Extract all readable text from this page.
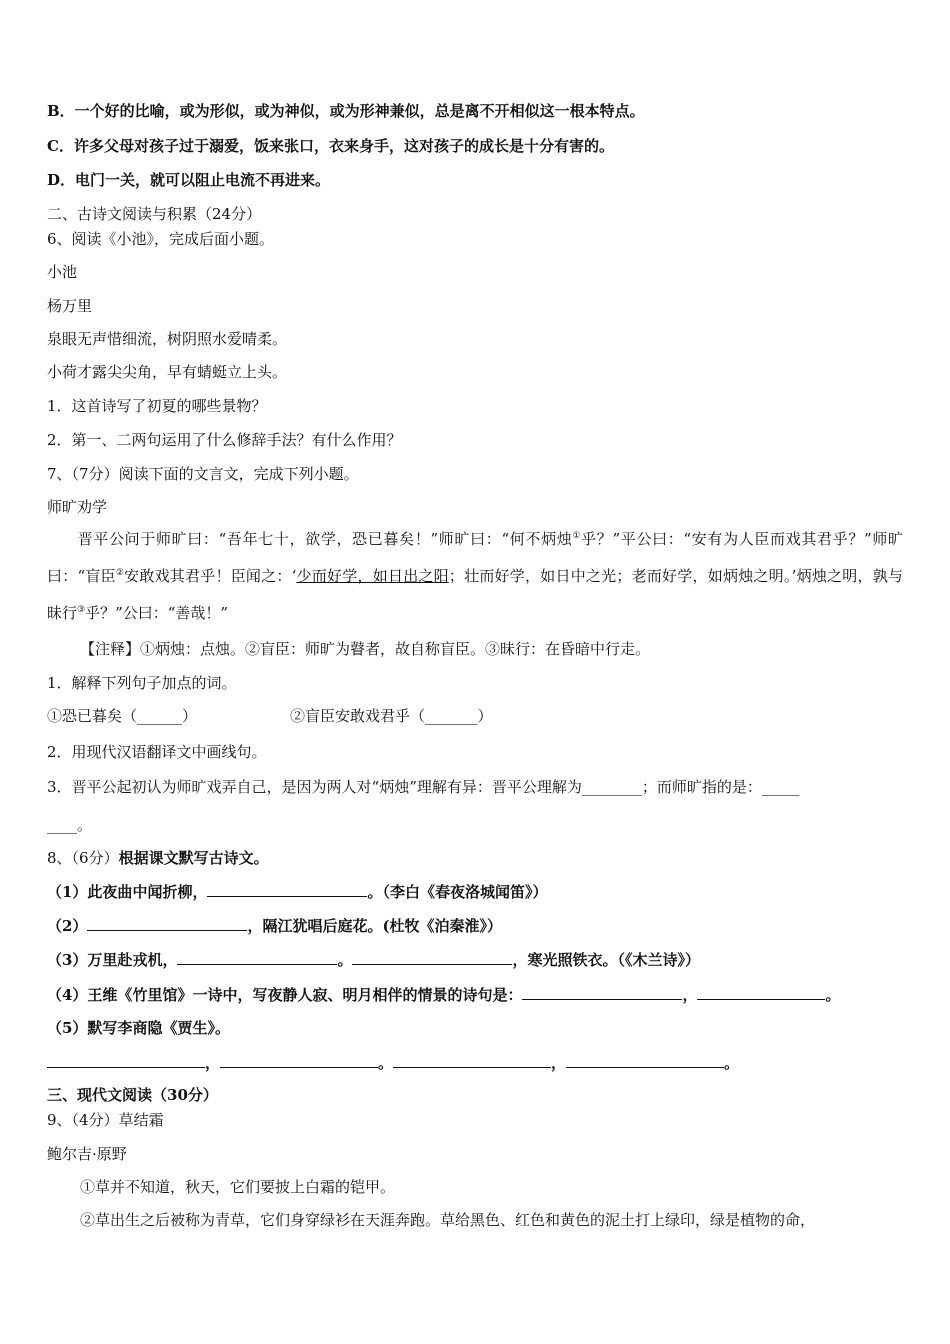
B．一个好的比喻，或为形似，或为神似，或为形神兼似，总是离不开相似这一根本特点。
C．许多父母对孩子过于溺爱，饭来张口，衣来身手，这对孩子的成长是十分有害的。
D．电门一关，就可以阻止电流不再进来。
二、古诗文阅读与积累（24分）
6、阅读《小池》，完成后面小题。
小池
杨万里
泉眼无声惜细流，树阴照水爱晴柔。
小荷才露尖尖角，早有蜻蜓立上头。
1．这首诗写了初夏的哪些景物？
2．第一、二两句运用了什么修辞手法？有什么作用？
7、（7分）阅读下面的文言文，完成下列小题。
师旷劝学
晋平公问于师旷曰：“吾年七十，欲学，恐已暮矣！”师旷曰：“何不炳烛①乎？”平公曰：“安有为人臣而戏其君乎？”师旷曰：“盲臣②安敢戏其君乎！臣闻之：‘少而好学，如日出之阳；壮而好学，如日中之光；老而好学，如炳烛之明。’炳烛之明，孰与昧行③乎？”公曰：“善哉！”
【注释】①炳烛：点烛。②盲臣：师旷为瞽者，故自称盲臣。③昧行：在昏暗中行走。
1．解释下列句子加点的词。
①恐已暮矣（______）	②盲臣安敢戏君乎（_______）
2．用现代汉语翻译文中画线句。
3．晋平公起初认为师旷戏弄自己，是因为两人对“炳烛”理解有异：晋平公理解为________；而师旷指的是：_____
____。
8、（6分）根据课文默写古诗文。
（1）此夜曲中闻折柳，	。（李白《春夜洛城闻笛》）
（2）	，隔江犹唱后庭花。(杜牧《泊秦淮》）
（3）万里赴戎机，	。	，寒光照铁衣。（《木兰诗》）
（4）王维《竹里馆》一诗中，写夜静人寂、明月相伴的情景的诗句是：	，	。
（5）默写李商隐《贾生》。
，	。	，	。
三、现代文阅读（30分）
9、（4分）草结霜
鲍尔吉·原野
①草并不知道，秋天，它们要披上白霜的铠甲。
②草出生之后被称为青草，它们身穿绿衫在天涯奔跑。草给黑色、红色和黄色的泥土打上绿印，绿是植物的命，
